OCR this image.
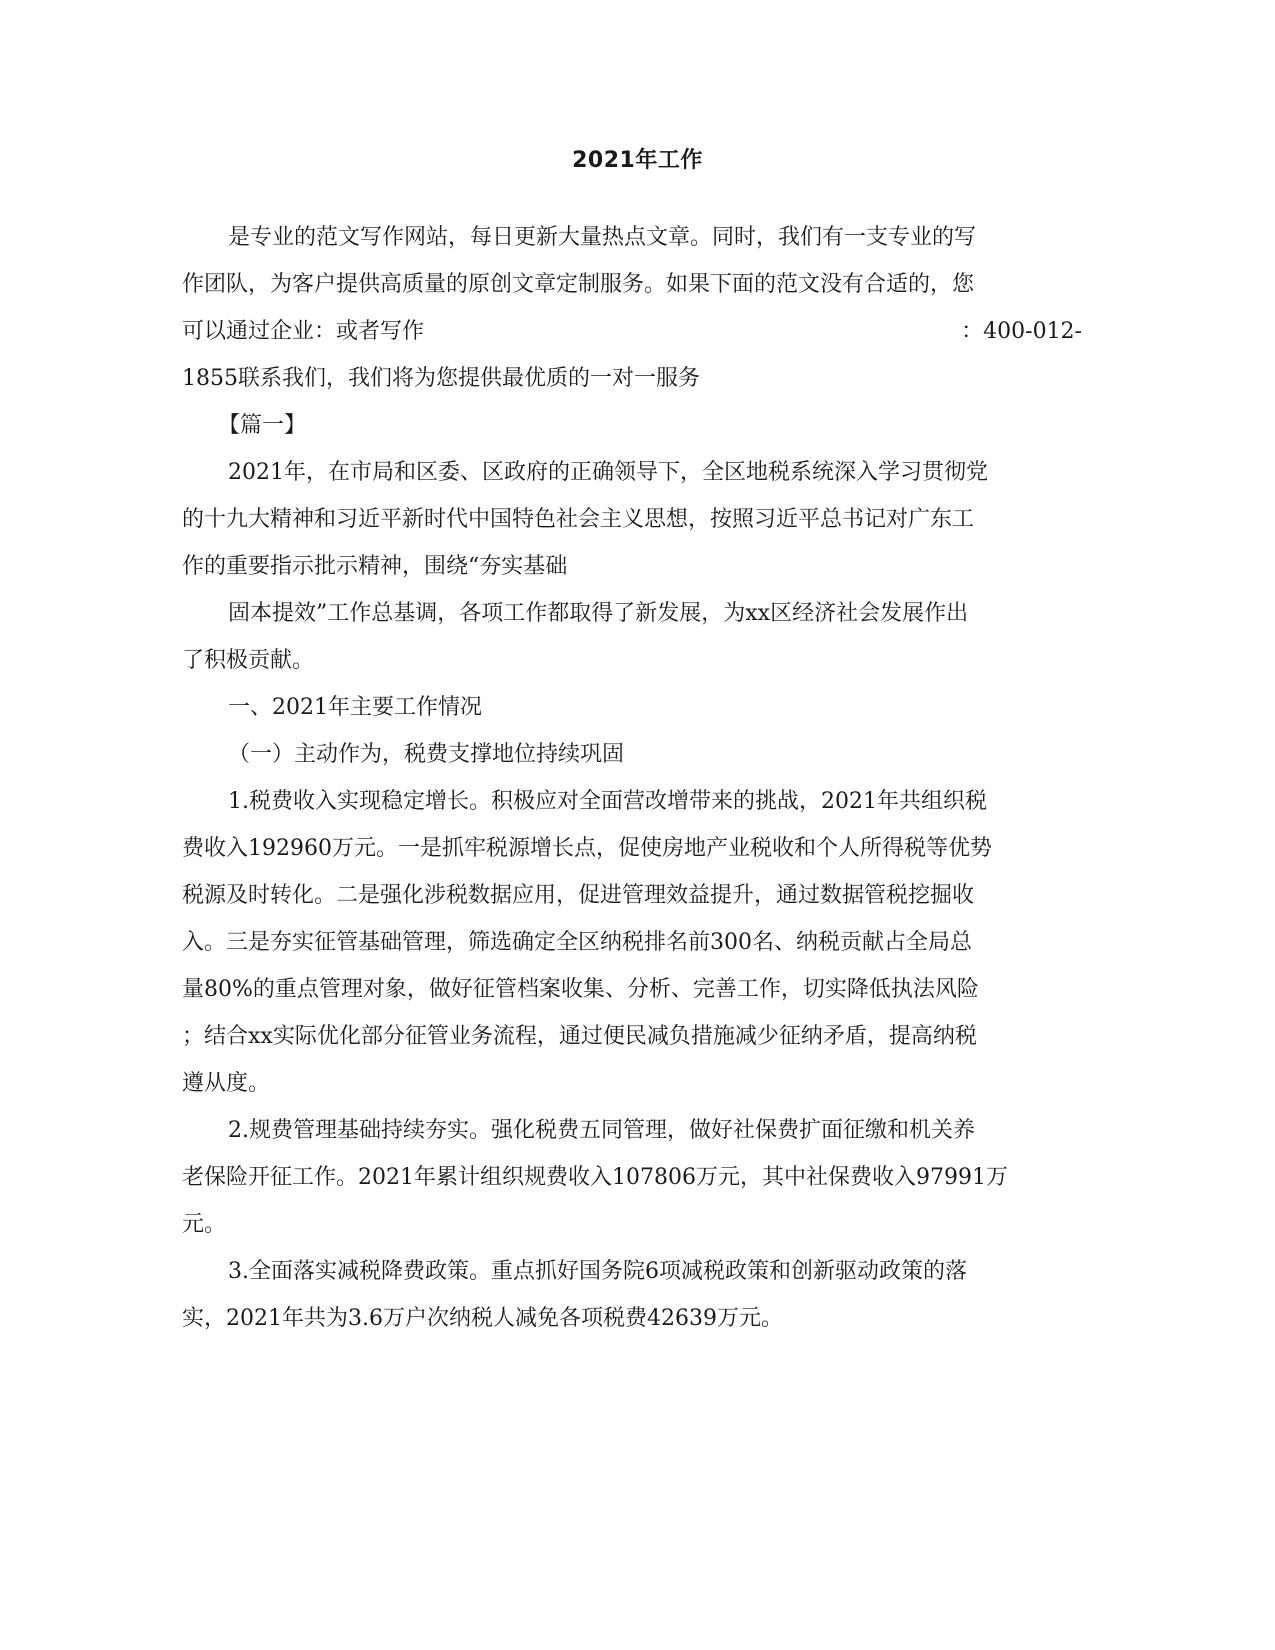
2021年工作
是专业的范文写作网站，每日更新大量热点文章。同时，我们有一支专业的写
作团队，为客户提供高质量的原创文章定制服务。如果下面的范文没有合适的，您
可以通过企业：或者写作	：400-012-
1855联系我们，我们将为您提供最优质的一对一服务
【篇一】
2021年，在市局和区委、区政府的正确领导下，全区地税系统深入学习贯彻党
的十九大精神和习近平新时代中国特色社会主义思想，按照习近平总书记对广东工
作的重要指示批示精神，围绕“夯实基础
固本提效”工作总基调，各项工作都取得了新发展，为xx区经济社会发展作出
了积极贡献。
一、2021年主要工作情况
（一）主动作为，税费支撑地位持续巩固
1.税费收入实现稳定增长。积极应对全面营改增带来的挑战，2021年共组织税
费收入192960万元。一是抓牢税源增长点，促使房地产业税收和个人所得税等优势
税源及时转化。二是强化涉税数据应用，促进管理效益提升，通过数据管税挖掘收
入。三是夯实征管基础管理，筛选确定全区纳税排名前300名、纳税贡献占全局总
量80%的重点管理对象，做好征管档案收集、分析、完善工作，切实降低执法风险
；结合xx实际优化部分征管业务流程，通过便民减负措施减少征纳矛盾，提高纳税
遵从度。
2.规费管理基础持续夯实。强化税费五同管理，做好社保费扩面征缴和机关养
老保险开征工作。2021年累计组织规费收入107806万元，其中社保费收入97991万
元。
3.全面落实减税降费政策。重点抓好国务院6项减税政策和创新驱动政策的落
实，2021年共为3.6万户次纳税人减免各项税费42639万元。
